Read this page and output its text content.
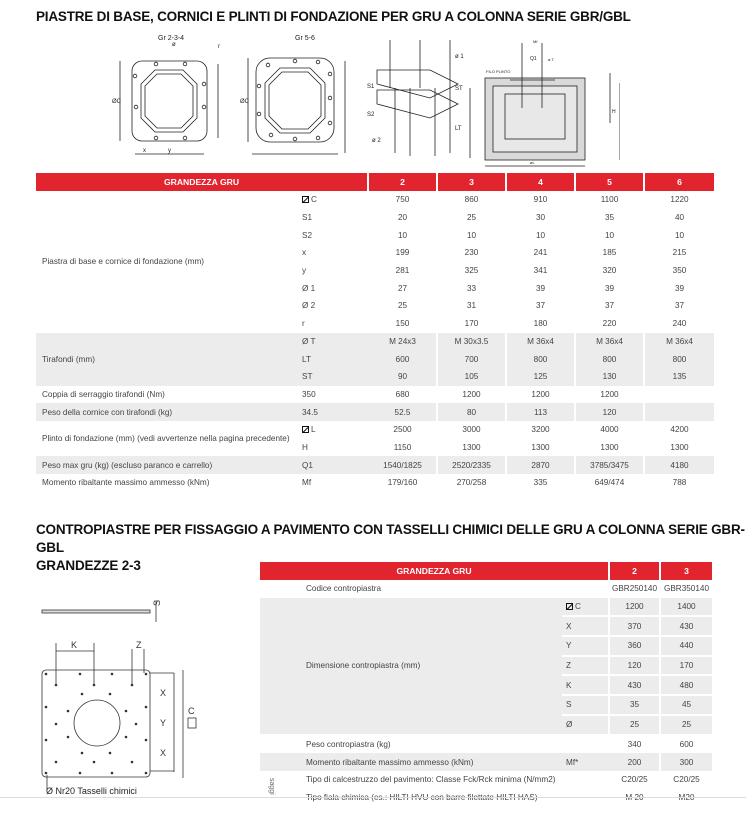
PIASTRE DI BASE, CORNICI E PLINTI DI FONDAZIONE PER GRU A COLONNA SERIE GBR/GBL
Gr 2-3-4
ØC
x	y
r
ø
Gr 5-6
ØC
ø 1
S1
S2
ST
LT
ø 2
FILO PLINTO
Q1
Mf
ø T
H
øL
GRANDEZZA GRU		2	3	4	5	6
Piastra di base e cornice di fondazione (mm)	C	750	860	910	1100	1220
	S1	20	25	30	35	40
	S2	10	10	10	10	10
	x	199	230	241	185	215
	y	281	325	341	320	350
	Ø 1	27	33	39	39	39
	Ø 2	25	31	37	37	37
	r	150	170	180	220	240
Tirafondi (mm)	Ø T	M 24x3	M 30x3.5	M 36x4	M 36x4	M 36x4
	LT	600	700	800	800	800
	ST	90	105	125	130	135
Coppia di serraggio tirafondi (Nm)	350	680	1200	1200	1200	
Peso della cornice con tirafondi (kg)	34.5	52.5	80	113	120	
Plinto di fondazione (mm) (vedi avvertenze nella pagina precedente)	L	2500	3000	3200	4000	4200
	H	1150	1300	1300	1300	1300
Peso max gru (kg) (escluso paranco e carrello)	Q1	1540/1825	2520/2335	2870	3785/3475	4180
Momento ribaltante massimo ammesso (kNm)	Mf	179/160	270/258	335	649/474	788
CONTROPIASTRE PER FISSAGGIO A PAVIMENTO CON TASSELLI CHIMICI DELLE GRU A COLONNA SERIE GBR-GBL
GRANDEZZE 2-3
S
K	Z
X
Y
X
C
Ø Nr20 Tasselli chimici
GRANDEZZA GRU		2	3
Codice contropiastra		GBR250140	GBR350140
Dimensione contropiastra (mm)	C	1200	1400
	X	370	430
	Y	360	440
	Z	120	170
	K	430	480
	S	35	45
	Ø	25	25
Peso contropiastra (kg)		340	600
Momento ribaltante massimo ammesso (kNm)	Mf*	200	300
Tipo di calcestruzzo del pavimento: Classe Fck/Rck minima (N/mm2)		C20/25	C20/25

saggi
